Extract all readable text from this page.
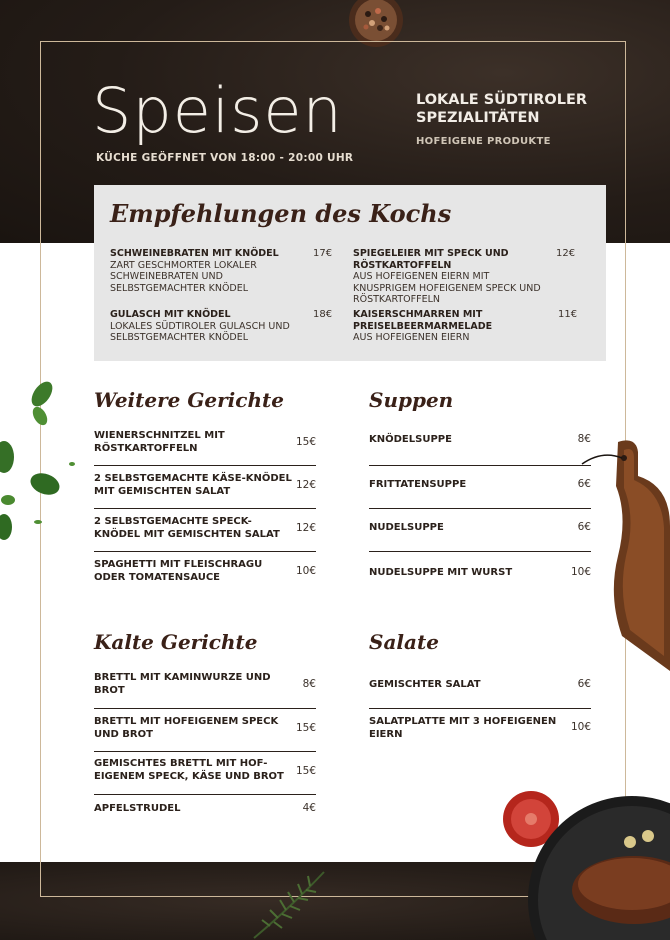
Speisen
KÜCHE GEÖFFNET VON 18:00 - 20:00 UHR
LOKALE SÜDTIROLER SPEZIALITÄTEN
HOFEIGENE PRODUKTE
Empfehlungen des Kochs
SCHWEINEBRATEN MIT KNÖDEL
ZART GESCHMORTER LOKALER SCHWEINEBRATEN UND SELBSTGEMACHTER KNÖDEL
17€
GULASCH MIT KNÖDEL
LOKALES SÜDTIROLER GULASCH UND SELBSTGEMACHTER KNÖDEL
18€
SPIEGELEIER MIT SPECK UND RÖSTKARTOFFELN
AUS HOFEIGENEN EIERN MIT KNUSPRIGEM HOFEIGENEM SPECK UND RÖSTKARTOFFELN
12€
KAISERSCHMARREN MIT PREISELBEERMARMELADE
AUS HOFEIGENEN EIERN
11€
Weitere Gerichte
WIENERSCHNITZEL MIT RÖSTKARTOFFELN
15€
2 SELBSTGEMACHTE KÄSE-KNÖDEL MIT GEMISCHTEN SALAT
12€
2 SELBSTGEMACHTE SPECK-KNÖDEL MIT GEMISCHTEN SALAT
12€
SPAGHETTI MIT FLEISCHRAGU ODER TOMATENSAUCE
10€
Suppen
KNÖDELSUPPE	8€
FRITTATENSUPPE	6€
NUDELSUPPE	6€
NUDELSUPPE MIT WURST	10€
Kalte Gerichte
BRETTL MIT KAMINWURZE UND BROT
8€
BRETTL MIT HOFEIGENEM SPECK UND BROT
15€
GEMISCHTES BRETTL MIT HOF-EIGENEM SPECK, KÄSE UND BROT	15€
APFELSTRUDEL	4€
Salate
GEMISCHTER SALAT	6€
SALATPLATTE MIT 3 HOFEIGENEN EIERN
10€
